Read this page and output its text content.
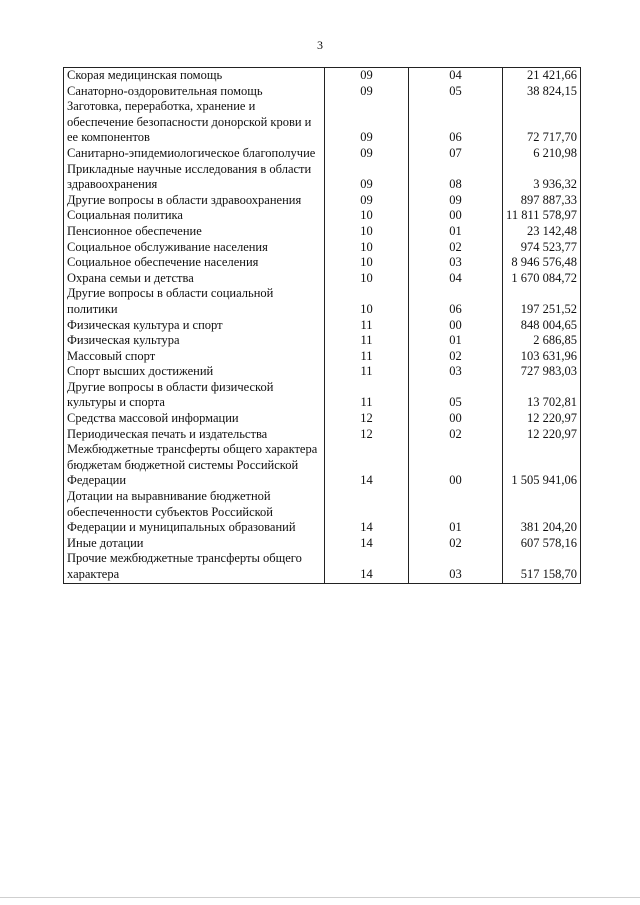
3
Скорая медицинская помощь	09	04	21 421,66
Санаторно-оздоровительная помощь	09	05	38 824,15
Заготовка, переработка, хранение и обеспечение безопасности донорской крови и ее компонентов	09	06	72 717,70
Санитарно-эпидемиологическое благополучие	09	07	6 210,98
Прикладные научные исследования в области здравоохранения	09	08	3 936,32
Другие вопросы в области здравоохранения	09	09	897 887,33
Социальная политика	10	00	11 811 578,97
Пенсионное обеспечение	10	01	23 142,48
Социальное обслуживание населения	10	02	974 523,77
Социальное обеспечение населения	10	03	8 946 576,48
Охрана семьи и детства	10	04	1 670 084,72
Другие вопросы в области социальной политики	10	06	197 251,52
Физическая культура и спорт	11	00	848 004,65
Физическая культура	11	01	2 686,85
Массовый спорт	11	02	103 631,96
Спорт высших достижений	11	03	727 983,03
Другие вопросы в области физической культуры и спорта	11	05	13 702,81
Средства массовой информации	12	00	12 220,97
Периодическая печать и издательства	12	02	12 220,97
Межбюджетные трансферты общего характера бюджетам бюджетной системы Российской Федерации	14	00	1 505 941,06
Дотации на выравнивание бюджетной обеспеченности субъектов Российской Федерации и муниципальных образований	14	01	381 204,20
Иные дотации	14	02	607 578,16
Прочие межбюджетные трансферты общего характера	14	03	517 158,70
